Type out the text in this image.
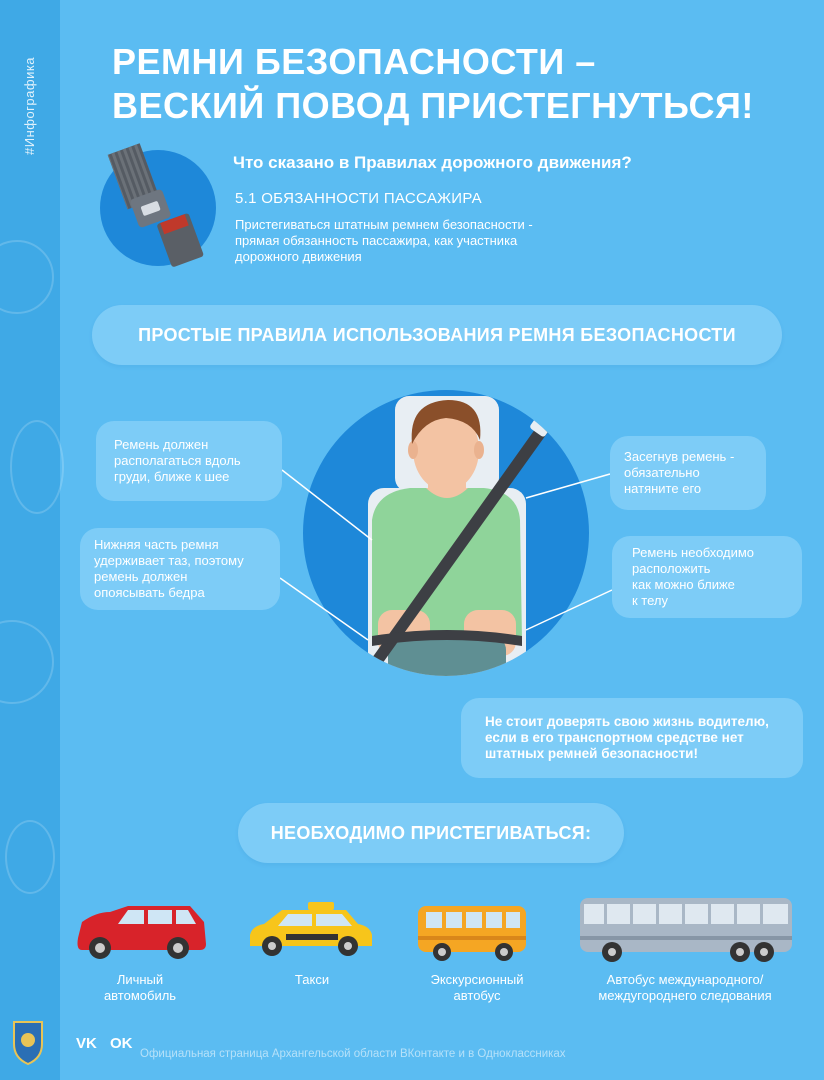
#Инфографика РЕМНИ БЕЗОПАСНОСТИ –
ВЕСКИЙ ПОВОД ПРИСТЕГНУТЬСЯ!
Что сказано в Правилах дорожного движения?
5.1 ОБЯЗАННОСТИ ПАССАЖИРА
Пристегиваться штатным ремнем безопасности -
прямая обязанность пассажира, как участника
дорожного движения
ПРОСТЫЕ ПРАВИЛА ИСПОЛЬЗОВАНИЯ РЕМНЯ БЕЗОПАСНОСТИ
Ремень должен
располагаться вдоль
груди, ближе к шее
Нижняя часть ремня
удерживает таз, поэтому
ремень должен
опоясывать бедра
Засегнув ремень -
обязательно
натяните его
Ремень необходимо
расположить
как можно ближе
к телу
Не стоит доверять свою жизнь водителю,
если в его транспортном средстве нет
штатных ремней безопасности!
НЕОБХОДИМО ПРИСТЕГИВАТЬСЯ:
Личный
автомобиль
Такси	Экскурсионный
автобус
Автобус международного/
междугороднего следования
VK OK
Официальная страница Архангельской области ВКонтакте и в Одноклассниках
